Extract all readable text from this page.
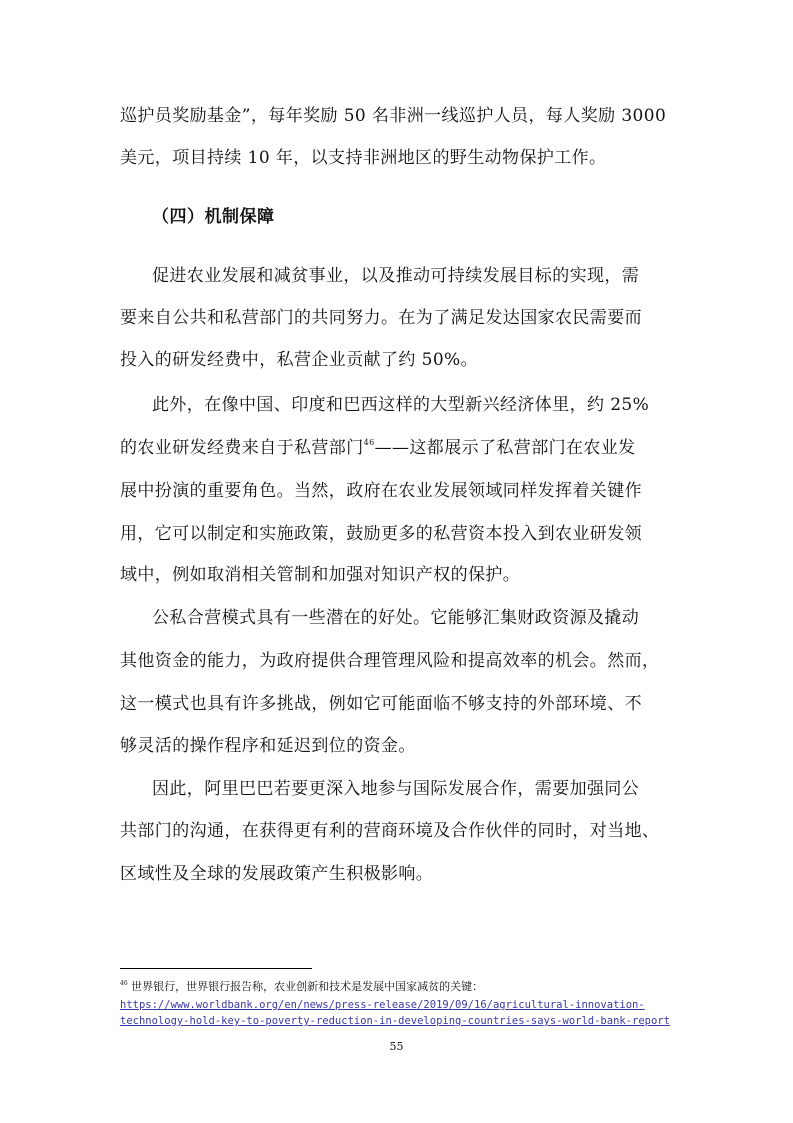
巡护员奖励基金”，每年奖励 50 名非洲一线巡护人员，每人奖励 3000
美元，项目持续 10 年，以支持非洲地区的野生动物保护工作。
（四）机制保障
促进农业发展和减贫事业，以及推动可持续发展目标的实现，需
要来自公共和私营部门的共同努力。在为了满足发达国家农民需要而
投入的研发经费中，私营企业贡献了约 50%。
此外，在像中国、印度和巴西这样的大型新兴经济体里，约 25%
的农业研发经费来自于私营部门$^{46}$——这都展示了私营部门在农业发
展中扮演的重要角色。当然，政府在农业发展领域同样发挥着关键作
用，它可以制定和实施政策，鼓励更多的私营资本投入到农业研发领
域中，例如取消相关管制和加强对知识产权的保护。
公私合营模式具有一些潜在的好处。它能够汇集财政资源及撬动
其他资金的能力，为政府提供合理管理风险和提高效率的机会。然而，
这一模式也具有许多挑战，例如它可能面临不够支持的外部环境、不
够灵活的操作程序和延迟到位的资金。
因此，阿里巴巴若要更深入地参与国际发展合作，需要加强同公
共部门的沟通，在获得更有利的营商环境及合作伙伴的同时，对当地、
区域性及全球的发展政策产生积极影响。
$^{46}$ 世界银行，世界银行报告称，农业创新和技术是发展中国家减贫的关键：
https://www.worldbank.org/en/news/press-release/2019/09/16/agricultural-innovation-
technology-hold-key-to-poverty-reduction-in-developing-countries-says-world-bank-report
55
